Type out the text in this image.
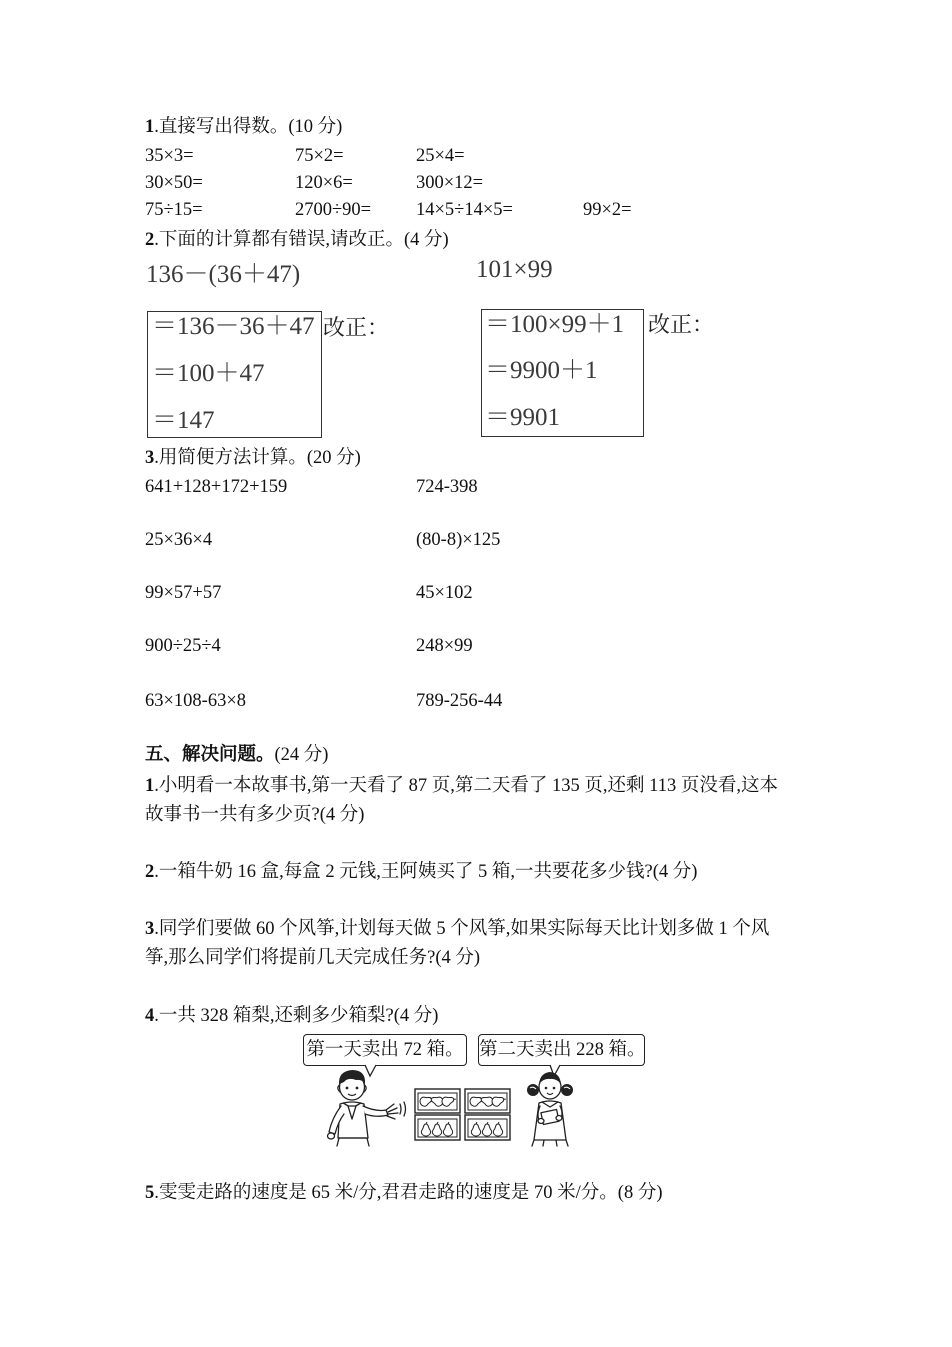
1.直接写出得数。(10 分)
35×3=	75×2=	25×4=
30×50=	120×6=	300×12=
75÷15=	2700÷90= 14×5÷14×5=	99×2=
2.下面的计算都有错误,请改正。(4 分)
136－(36＋47)	101×99
＝136－36＋47
＝100＋47
＝147
改正：	＝100×99＋1
＝9900＋1
＝9901
改正：
3.用简便方法计算。(20 分)
641+128+172+159	724-398
25×36×4	(80-8)×125
99×57+57	45×102
900÷25÷4	248×99
63×108-63×8	789-256-44
五、解决问题。(24 分)
1.小明看一本故事书,第一天看了 87 页,第二天看了 135 页,还剩 113 页没看,这本
故事书一共有多少页?(4 分)
2.一箱牛奶 16 盒,每盒 2 元钱,王阿姨买了 5 箱,一共要花多少钱?(4 分)
3.同学们要做 60 个风筝,计划每天做 5 个风筝,如果实际每天比计划多做 1 个风
筝,那么同学们将提前几天完成任务?(4 分)
4.一共 328 箱梨,还剩多少箱梨?(4 分)
第一天卖出 72 箱。 第二天卖出 228 箱。
5.雯雯走路的速度是 65 米/分,君君走路的速度是 70 米/分。(8 分)
